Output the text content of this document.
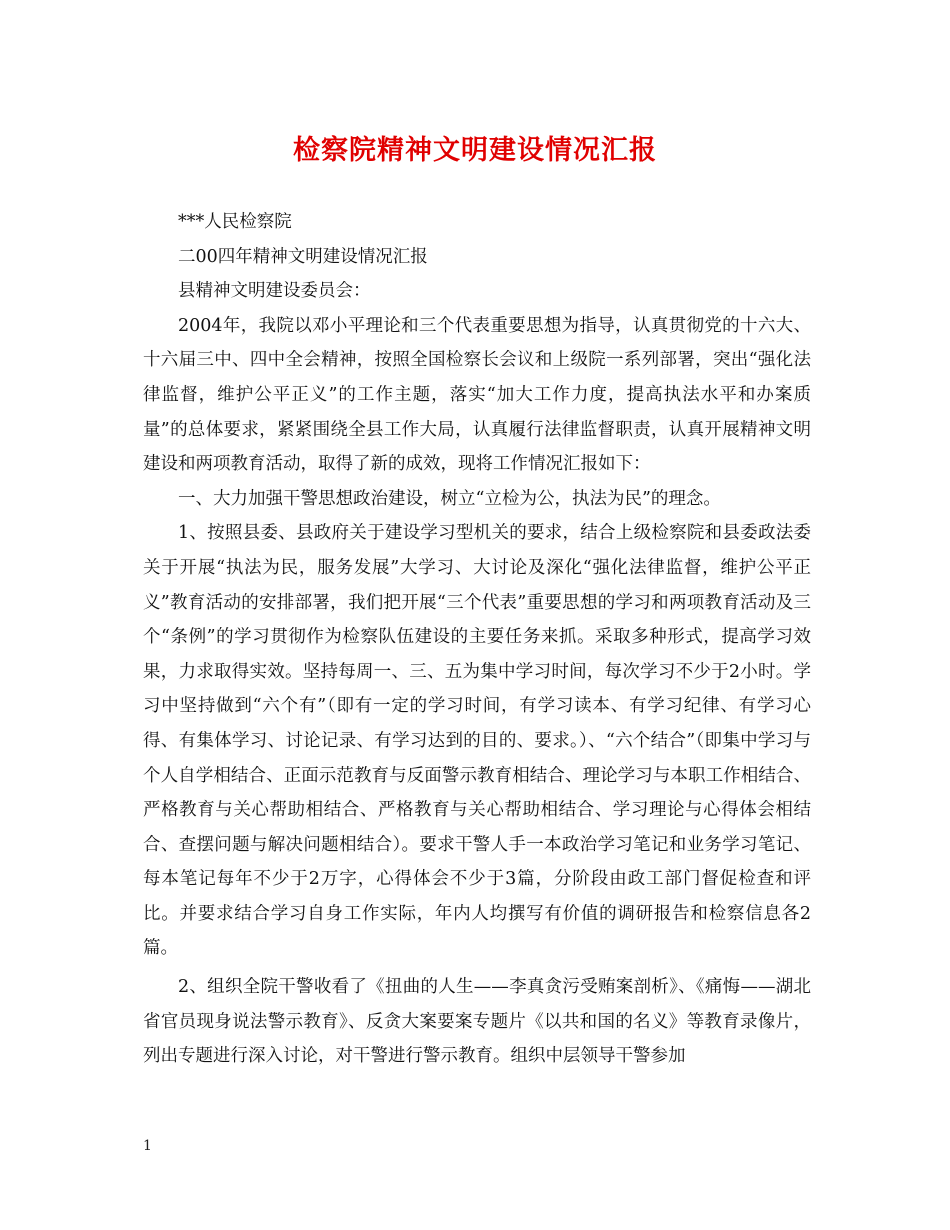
检察院精神文明建设情况汇报

***人民检察院

二00四年精神文明建设情况汇报

县精神文明建设委员会：

2004年，我院以邓小平理论和三个代表重要思想为指导，认真贯彻党的十六大、十六届三中、四中全会精神，按照全国检察长会议和上级院一系列部署，突出“强化法律监督，维护公平正义”的工作主题，落实“加大工作力度，提高执法水平和办案质量”的总体要求，紧紧围绕全县工作大局，认真履行法律监督职责，认真开展精神文明建设和两项教育活动，取得了新的成效，现将工作情况汇报如下：

一、大力加强干警思想政治建设，树立“立检为公，执法为民”的理念。

1、按照县委、县政府关于建设学习型机关的要求，结合上级检察院和县委政法委关于开展“执法为民，服务发展”大学习、大讨论及深化“强化法律监督，维护公平正义”教育活动的安排部署，我们把开展“三个代表”重要思想的学习和两项教育活动及三个“条例”的学习贯彻作为检察队伍建设的主要任务来抓。采取多种形式，提高学习效果，力求取得实效。坚持每周一、三、五为集中学习时间，每次学习不少于2小时。学习中坚持做到“六个有”（即有一定的学习时间，有学习读本、有学习纪律、有学习心得、有集体学习、讨论记录、有学习达到的目的、要求。）、“六个结合”（即集中学习与个人自学相结合、正面示范教育与反面警示教育相结合、理论学习与本职工作相结合、严格教育与关心帮助相结合、严格教育与关心帮助相结合、学习理论与心得体会相结合、查摆问题与解决问题相结合）。要求干警人手一本政治学习笔记和业务学习笔记、每本笔记每年不少于2万字，心得体会不少于3篇，分阶段由政工部门督促检查和评比。并要求结合学习自身工作实际，年内人均撰写有价值的调研报告和检察信息各2篇。

2、组织全院干警收看了《扭曲的人生——李真贪污受贿案剖析》、《痛悔——湖北省官员现身说法警示教育》、反贪大案要案专题片《以共和国的名义》等教育录像片，列出专题进行深入讨论，对干警进行警示教育。组织中层领导干警参加

1
